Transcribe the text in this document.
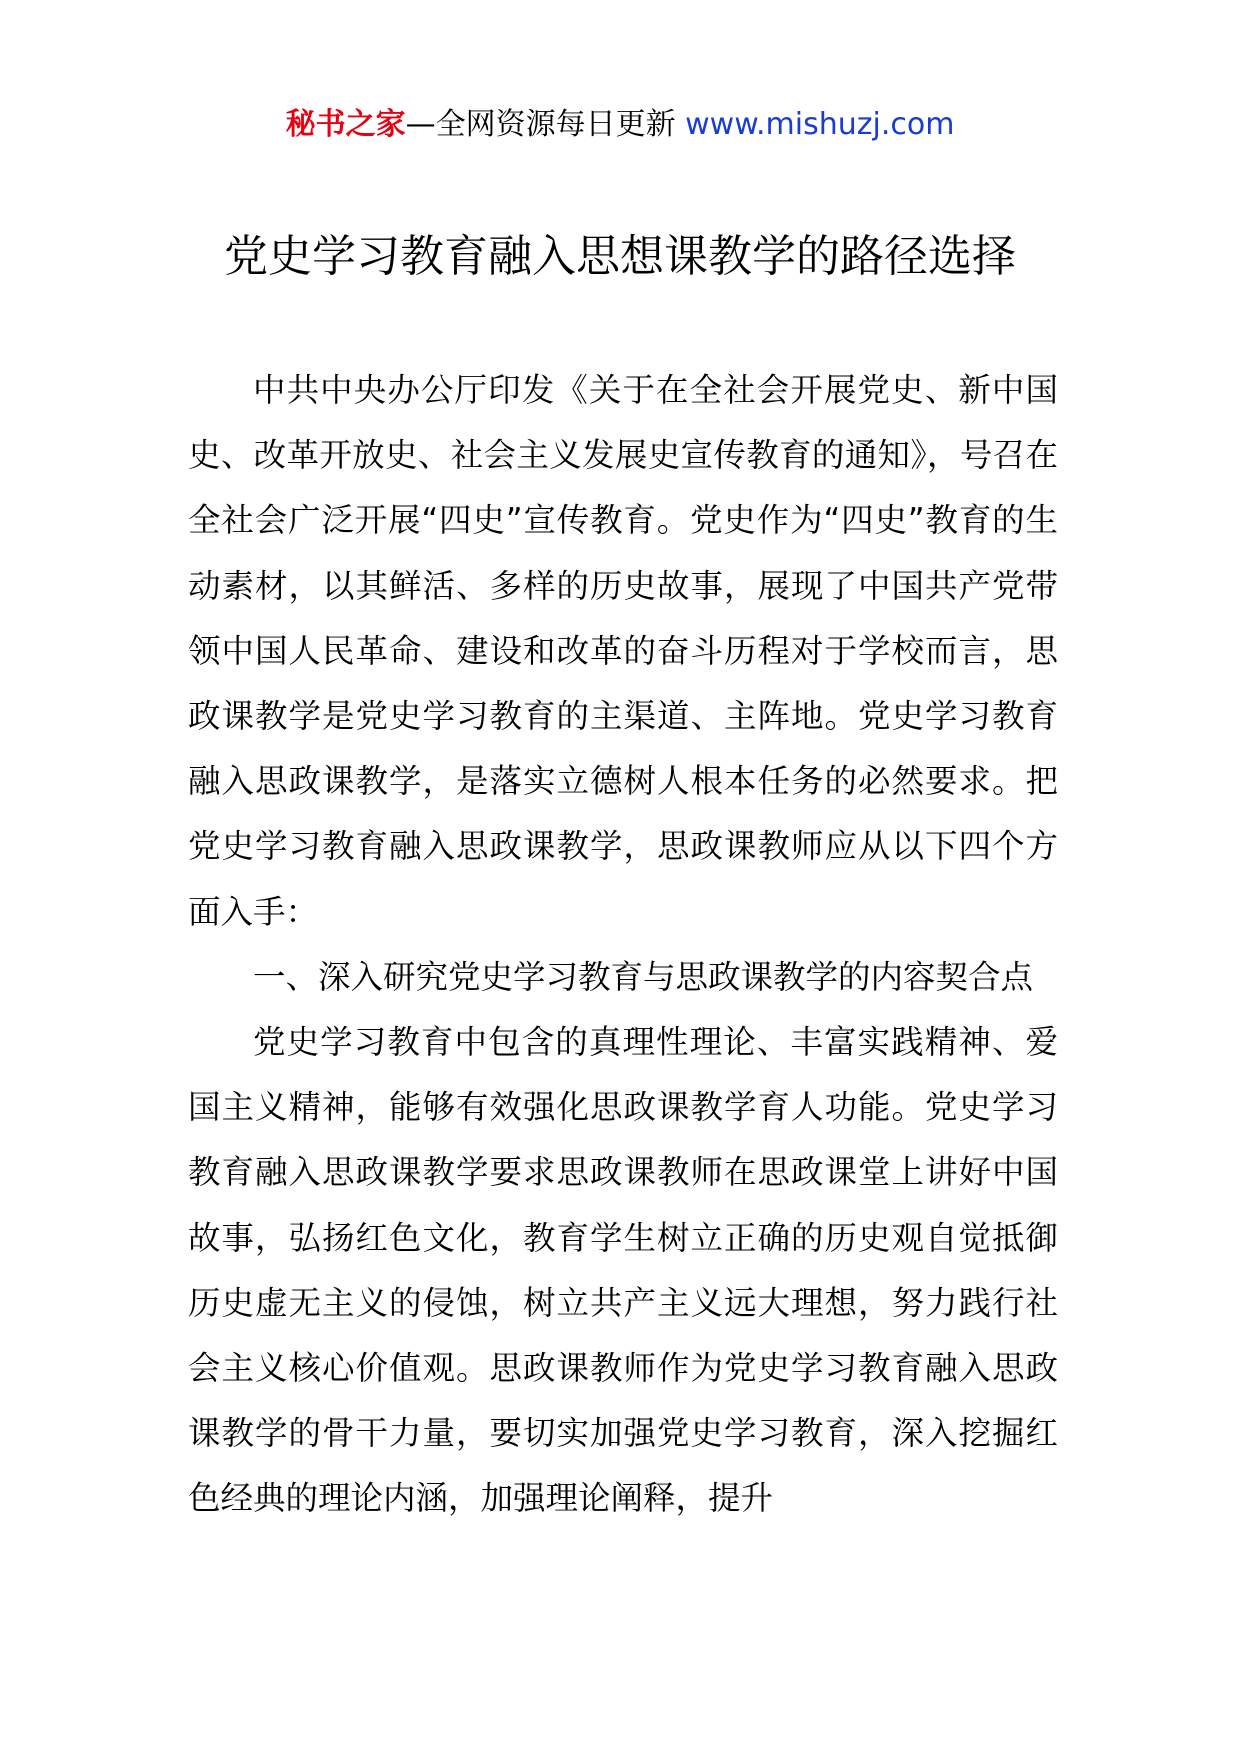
秘书之家—全网资源每日更新 www.mishuzj.com
党史学习教育融入思想课教学的路径选择

中共中央办公厅印发《关于在全社会开展党史、新中国史、改革开放史、社会主义发展史宣传教育的通知》，号召在全社会广泛开展“四史”宣传教育。党史作为“四史”教育的生动素材，以其鲜活、多样的历史故事，展现了中国共产党带领中国人民革命、建设和改革的奋斗历程对于学校而言，思政课教学是党史学习教育的主渠道、主阵地。党史学习教育融入思政课教学，是落实立德树人根本任务的必然要求。把党史学习教育融入思政课教学，思政课教师应从以下四个方面入手：

一、深入研究党史学习教育与思政课教学的内容契合点

党史学习教育中包含的真理性理论、丰富实践精神、爱国主义精神，能够有效强化思政课教学育人功能。党史学习教育融入思政课教学要求思政课教师在思政课堂上讲好中国故事，弘扬红色文化，教育学生树立正确的历史观自觉抵御历史虚无主义的侵蚀，树立共产主义远大理想，努力践行社会主义核心价值观。思政课教师作为党史学习教育融入思政课教学的骨干力量，要切实加强党史学习教育，深入挖掘红色经典的理论内涵，加强理论阐释，提升
